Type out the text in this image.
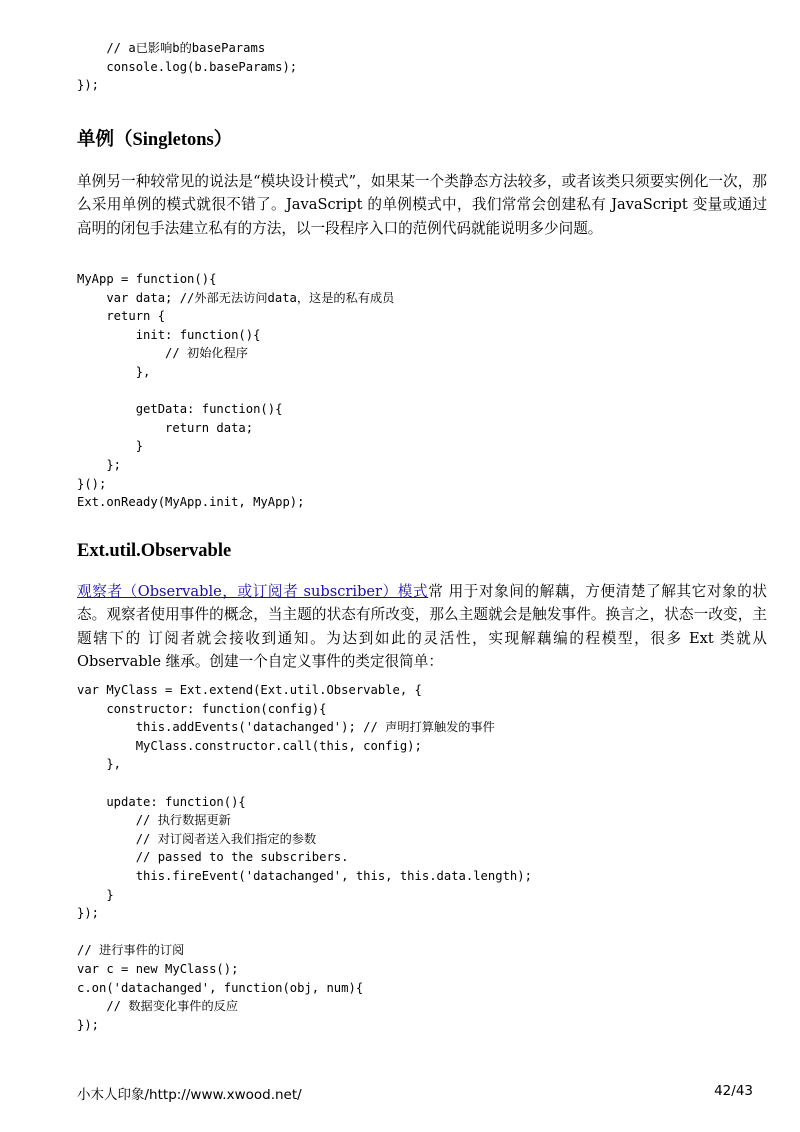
// a已影响b的baseParams
console.log(b.baseParams);
});
单例（Singletons）

单例另一种较常见的说法是“模块设计模式”，如果某一个类静态方法较多，或者该类只须要实例化一次，那么采用单例的模式就很不错了。JavaScript 的单例模式中，我们常常会创建私有 JavaScript 变量或通过高明的闭包手法建立私有的方法，以一段程序入口的范例代码就能说明多少问题。

MyApp = function(){
var data; //外部无法访问data，这是的私有成员
return {
init: function(){
// 初始化程序
},
getData: function(){
return data;
}
};
}();
Ext.onReady(MyApp.init, MyApp);
Ext.util.Observable

观察者（Observable，或订阅者 subscriber）模式常 用于对象间的解藕，方便清楚了解其它对象的状态。观察者使用事件的概念，当主题的状态有所改变，那么主题就会是触发事件。换言之，状态一改变，主题辖下的 订阅者就会接收到通知。为达到如此的灵活性，实现解藕编的程模型，很多 Ext 类就从 Observable 继承。创建一个自定义事件的类定很简单：

var MyClass = Ext.extend(Ext.util.Observable, {
constructor: function(config){
this.addEvents('datachanged'); // 声明打算触发的事件
MyClass.constructor.call(this, config);
},
update: function(){
// 执行数据更新
// 对订阅者送入我们指定的参数
// passed to the subscribers.
this.fireEvent('datachanged', this, this.data.length);
}
});
// 进行事件的订阅
var c = new MyClass();
c.on('datachanged', function(obj, num){
// 数据变化事件的反应
});
小木人印象/http://www.xwood.net/	42/43
